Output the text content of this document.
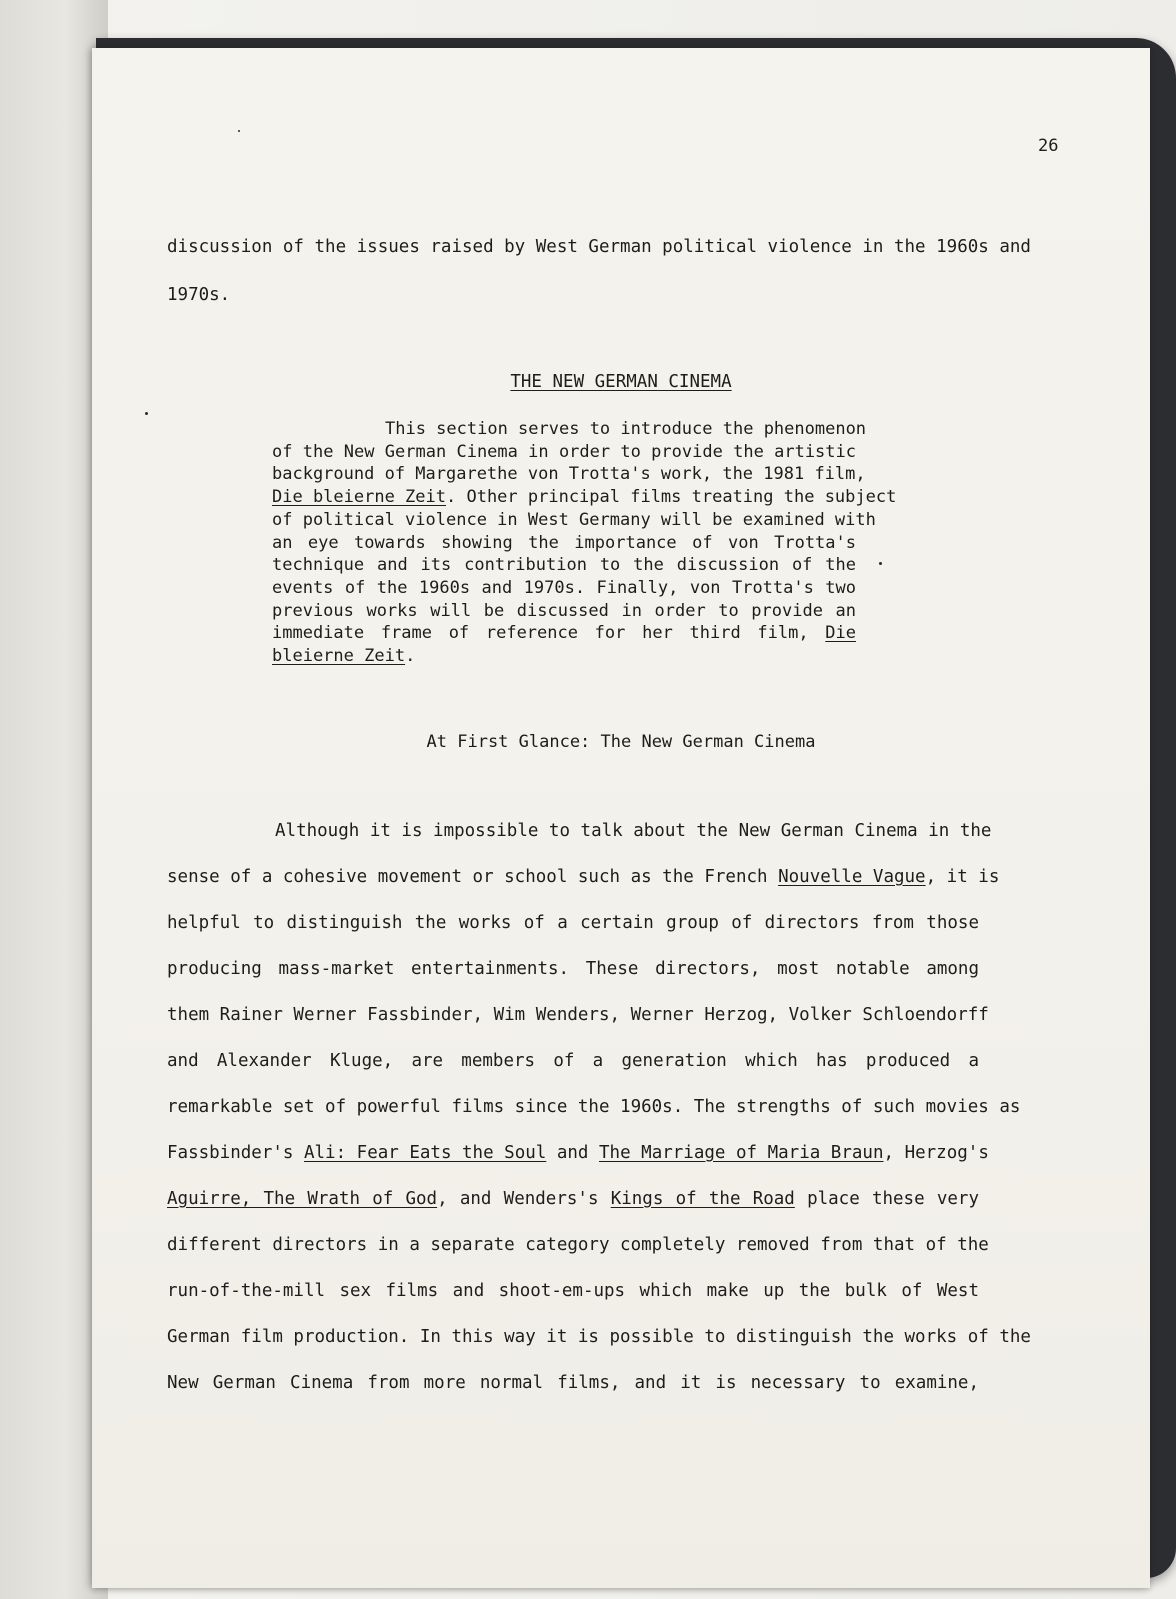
26
discussion of the issues raised by West German political violence in the 1960s and
1970s.
THE NEW GERMAN CINEMA
This section serves to introduce the phenomenon
of the New German Cinema in order to provide the artistic
background of Margarethe von Trotta's work, the 1981 film,
Die bleierne Zeit. Other principal films treating the subject
of political violence in West Germany will be examined with
an eye towards showing the importance of von Trotta's
technique and its contribution to the discussion of the
events of the 1960s and 1970s. Finally, von Trotta's two
previous works will be discussed in order to provide an
immediate frame of reference for her third film, Die
bleierne Zeit.
At First Glance: The New German Cinema
Although it is impossible to talk about the New German Cinema in the
sense of a cohesive movement or school such as the French Nouvelle Vague, it is
helpful to distinguish the works of a certain group of directors from those
producing mass-market entertainments. These directors, most notable among
them Rainer Werner Fassbinder, Wim Wenders, Werner Herzog, Volker Schloendorff
and Alexander Kluge, are members of a generation which has produced a
remarkable set of powerful films since the 1960s. The strengths of such movies as
Fassbinder's Ali: Fear Eats the Soul and The Marriage of Maria Braun, Herzog's
Aguirre, The Wrath of God, and Wenders's Kings of the Road place these very
different directors in a separate category completely removed from that of the
run-of-the-mill sex films and shoot-em-ups which make up the bulk of West
German film production. In this way it is possible to distinguish the works of the
New German Cinema from more normal films, and it is necessary to examine,
